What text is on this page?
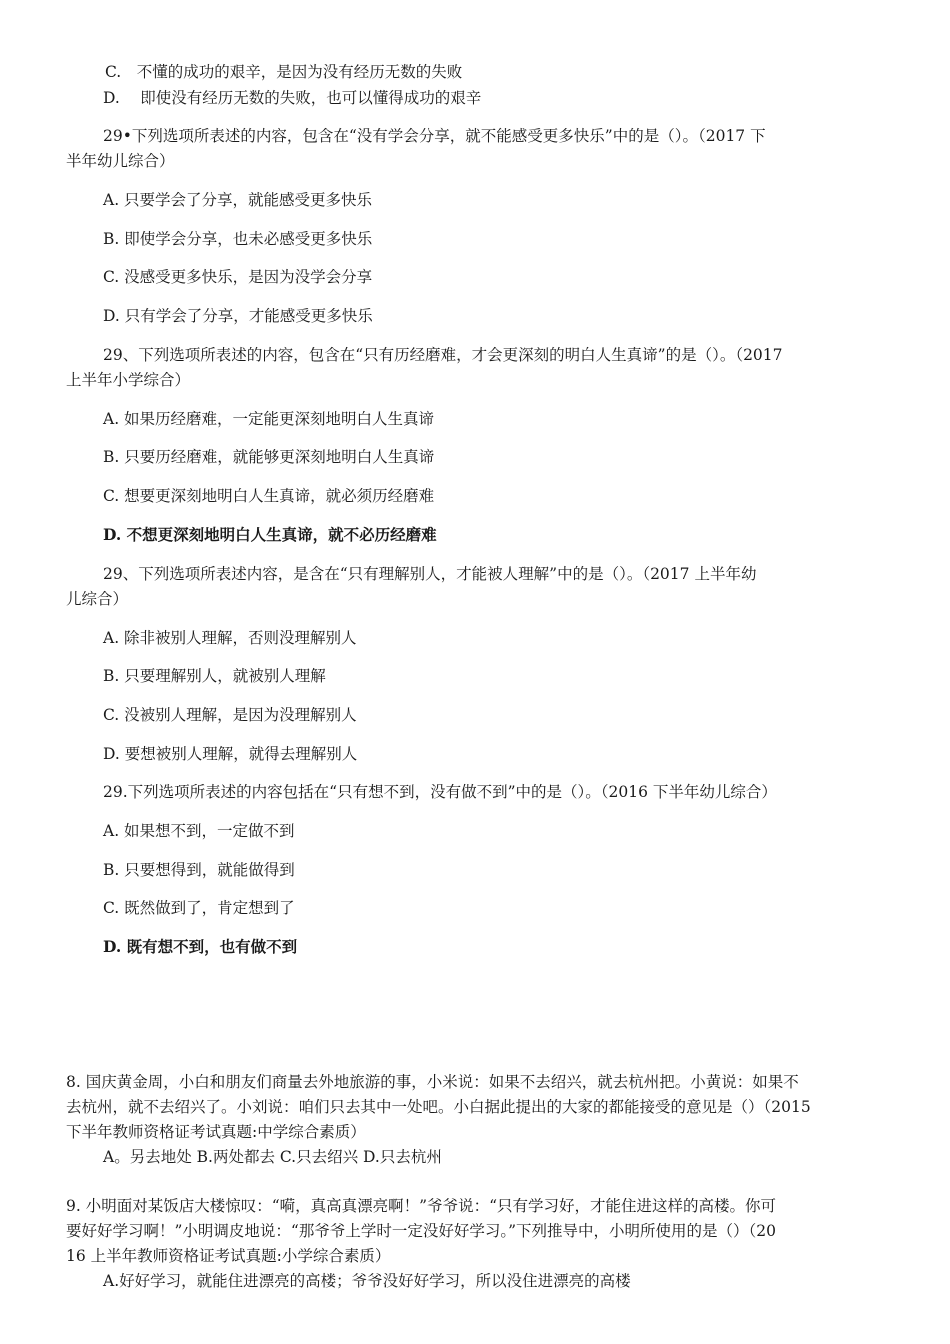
C.　不懂的成功的艰辛，是因为没有经历无数的失败
D.　 即使没有经历无数的失败，也可以懂得成功的艰辛
29•下列选项所表述的内容，包含在“没有学会分享，就不能感受更多快乐”中的是（）。（2017 下
半年幼儿综合）
A. 只要学会了分享，就能感受更多快乐
B. 即使学会分享，也未必感受更多快乐
C. 没感受更多快乐，是因为没学会分享
D. 只有学会了分享，才能感受更多快乐
29、下列选项所表述的内容，包含在“只有历经磨难，才会更深刻的明白人生真谛”的是（）。（2017
上半年小学综合）
A. 如果历经磨难，一定能更深刻地明白人生真谛
B. 只要历经磨难，就能够更深刻地明白人生真谛
C. 想要更深刻地明白人生真谛，就必须历经磨难
D. 不想更深刻地明白人生真谛，就不必历经磨难
29、下列选项所表述内容，是含在“只有理解别人，才能被人理解”中的是（）。（2017 上半年幼
儿综合）
A. 除非被别人理解，否则没理解别人
B. 只要理解别人，就被别人理解
C. 没被别人理解，是因为没理解别人
D. 要想被别人理解，就得去理解别人
29.下列选项所表述的内容包括在“只有想不到，没有做不到”中的是（）。（2016 下半年幼儿综合）
A. 如果想不到，一定做不到
B. 只要想得到，就能做得到
C. 既然做到了，肯定想到了
D. 既有想不到，也有做不到
8. 国庆黄金周，小白和朋友们商量去外地旅游的事，小米说：如果不去绍兴，就去杭州把。小黄说：如果不
去杭州，就不去绍兴了。小刘说：咱们只去其中一处吧。小白据此提出的大家的都能接受的意见是（）（2015
下半年教师资格证考试真题:中学综合素质）
A。另去地处 B.两处都去 C.只去绍兴 D.只去杭州
9. 小明面对某饭店大楼惊叹：“嗬，真高真漂亮啊！”爷爷说：“只有学习好，才能住进这样的高楼。你可
要好好学习啊！”小明调皮地说：“那爷爷上学时一定没好好学习。”下列推导中，小明所使用的是（）（20
16 上半年教师资格证考试真题:小学综合素质）
A.好好学习，就能住进漂亮的高楼；爷爷没好好学习，所以没住进漂亮的高楼
